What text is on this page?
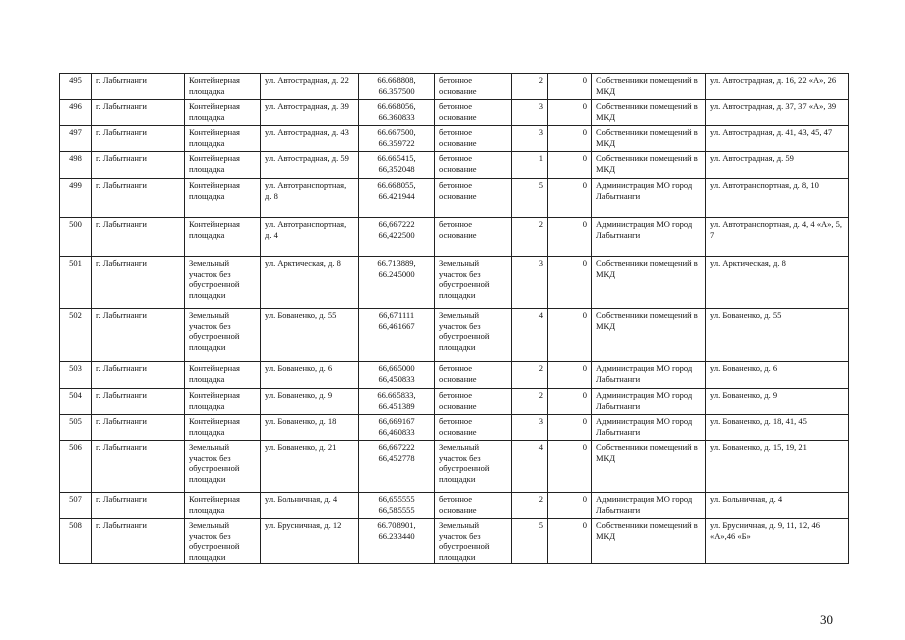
495	г. Лабытнанги	Контейнерная площадка	ул. Автострадная, д. 22	66.668808, 66.357500	бетонное основание	2	0	Собственники помещений в МКД	ул. Автострадная, д. 16, 22 «А», 26
496	г. Лабытнанги	Контейнерная площадка	ул. Автострадная, д. 39	66.668056, 66.360833	бетонное основание	3	0	Собственники помещений в МКД	ул. Автострадная, д. 37, 37 «А», 39
497	г. Лабытнанги	Контейнерная площадка	ул. Автострадная, д. 43	66.667500, 66.359722	бетонное основание	3	0	Собственники помещений в МКД	ул. Автострадная, д. 41, 43, 45, 47
498	г. Лабытнанги	Контейнерная площадка	ул. Автострадная, д. 59	66.665415, 66,352048	бетонное основание	1	0	Собственники помещений в МКД	ул. Автострадная, д. 59
499	г. Лабытнанги	Контейнерная площадка	ул. Автотранспортная, д. 8	66.668055, 66.421944	бетонное основание	5	0	Администрация МО город Лабытнанги	ул. Автотранспортная, д. 8, 10
500	г. Лабытнанги	Контейнерная площадка	ул. Автотранспортная, д. 4	66,667222 66,422500	бетонное основание	2	0	Администрация МО город Лабытнанги	ул. Автотранспортная, д. 4, 4 «А», 5, 7
501	г. Лабытнанги	Земельный участок без обустроенной площадки	ул. Арктическая, д. 8	66.713889, 66.245000	Земельный участок без обустроенной площадки	3	0	Собственники помещений в МКД	ул. Арктическая, д. 8
502	г. Лабытнанги	Земельный участок без обустроенной площадки	ул. Бованенко, д. 55	66,671111 66,461667	Земельный участок без обустроенной площадки	4	0	Собственники помещений в МКД	ул. Бованенко, д. 55
503	г. Лабытнанги	Контейнерная площадка	ул. Бованенко, д. 6	66,665000 66,450833	бетонное основание	2	0	Администрация МО город Лабытнанги	ул. Бованенко, д. 6
504	г. Лабытнанги	Контейнерная площадка	ул. Бованенко, д. 9	66.665833, 66.451389	бетонное основание	2	0	Администрация МО город Лабытнанги	ул. Бованенко, д. 9
505	г. Лабытнанги	Контейнерная площадка	ул. Бованенко, д. 18	66,669167 66,460833	бетонное основание	3	0	Администрация МО город Лабытнанги	ул. Бованенко, д. 18, 41, 45
506	г. Лабытнанги	Земельный участок без обустроенной площадки	ул. Бованенко, д. 21	66,667222 66,452778	Земельный участок без обустроенной площадки	4	0	Собственники помещений в МКД	ул. Бованенко, д. 15, 19, 21
507	г. Лабытнанги	Контейнерная площадка	ул. Больничная, д. 4	66,655555 66,585555	бетонное основание	2	0	Администрация МО город Лабытнанги	ул. Больничная, д. 4
508	г. Лабытнанги	Земельный участок без обустроенной площадки	ул. Брусничная, д. 12	66.708901, 66.233440	Земельный участок без обустроенной площадки	5	0	Собственники помещений в МКД	ул. Брусничная, д. 9, 11, 12, 46 «А»,46 «Б»
30
